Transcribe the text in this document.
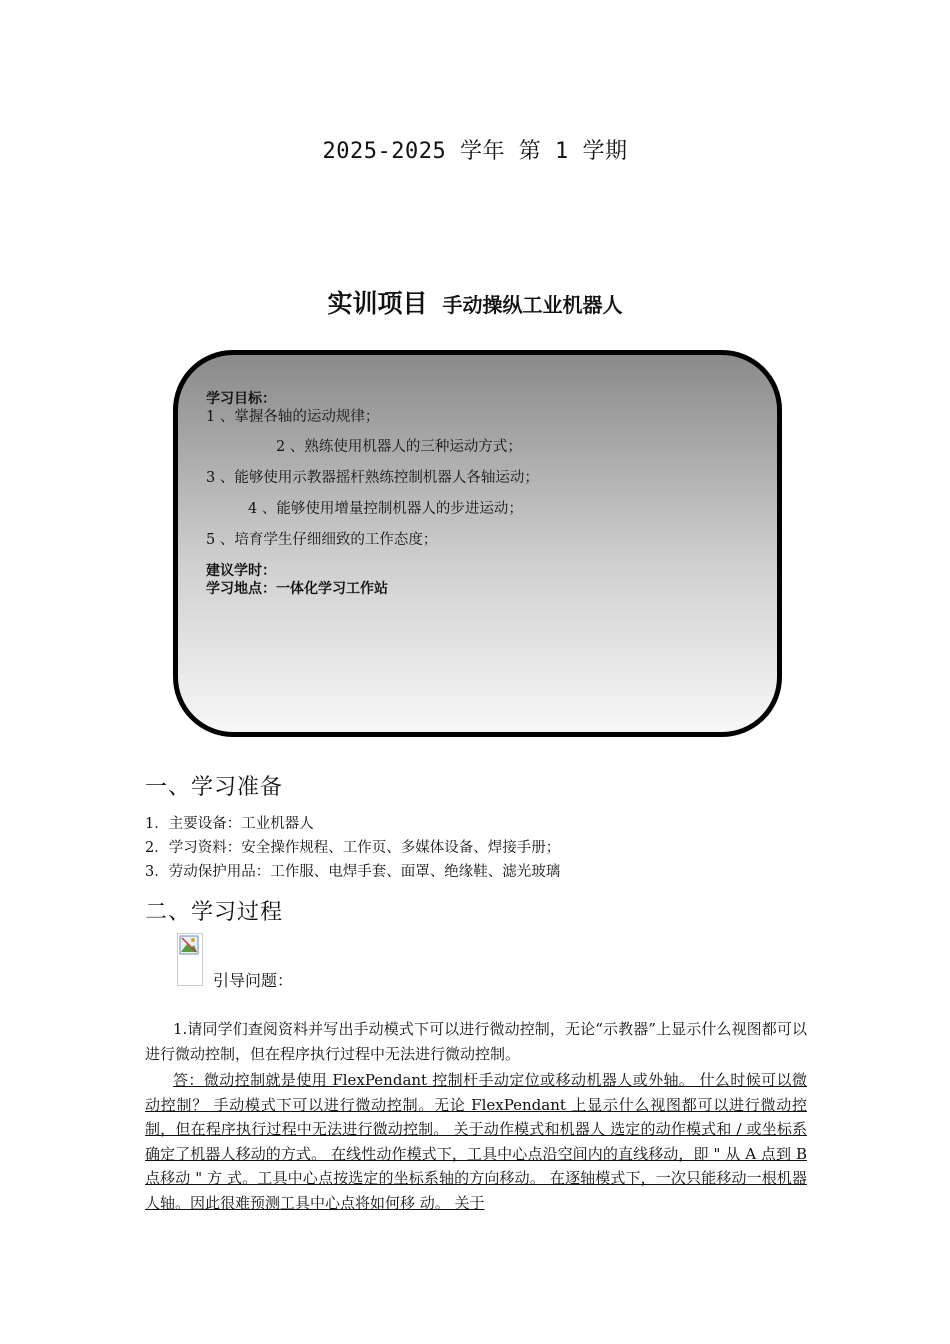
2025-2025 学年 第 1 学期
实训项目 手动操纵工业机器人
学习目标：
1 、掌握各轴的运动规律；
2 、熟练使用机器人的三种运动方式；
3 、能够使用示教器摇杆熟练控制机器人各轴运动；
4 、能够使用增量控制机器人的步进运动；
5 、培育学生仔细细致的工作态度；
建议学时：
学习地点：一体化学习工作站
一、学习准备
1．主要设备：工业机器人
2．学习资料：安全操作规程、工作页、多媒体设备、焊接手册；
3．劳动保护用品：工作服、电焊手套、面罩、绝缘鞋、滤光玻璃
二、学习过程
引导问题：
1.请同学们查阅资料并写出手动模式下可以进行微动控制，无论“示教器”上显示什么视图都可以进行微动控制，但在程序执行过程中无法进行微动控制。
答：微动控制就是使用 FlexPendant 控制杆手动定位或移动机器人或外轴。 什么时候可以微动控制？ 手动模式下可以进行微动控制。无论 FlexPendant 上显示什么视图都可以进行微动控 制，但在程序执行过程中无法进行微动控制。 关于动作模式和机器人 选定的动作模式和 / 或坐标系确定了机器人移动的方式。 在线性动作模式下，工具中心点沿空间内的直线移动，即 " 从 A 点到 B 点移动 " 方 式。工具中心点按选定的坐标系轴的方向移动。 在逐轴模式下，一次只能移动一根机器人轴。因此很难预测工具中心点将如何移 动。 关于
